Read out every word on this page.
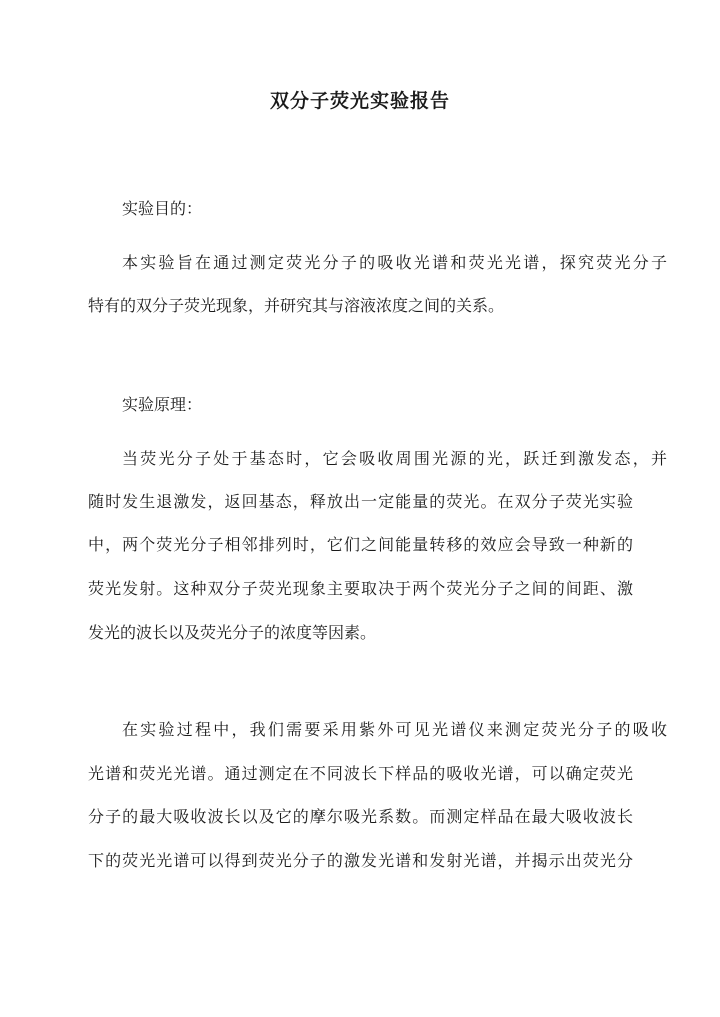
双分子荧光实验报告
实验目的：
本实验旨在通过测定荧光分子的吸收光谱和荧光光谱，探究荧光分子
特有的双分子荧光现象，并研究其与溶液浓度之间的关系。
实验原理：
当荧光分子处于基态时，它会吸收周围光源的光，跃迁到激发态，并
随时发生退激发，返回基态，释放出一定能量的荧光。在双分子荧光实验
中，两个荧光分子相邻排列时，它们之间能量转移的效应会导致一种新的
荧光发射。这种双分子荧光现象主要取决于两个荧光分子之间的间距、激
发光的波长以及荧光分子的浓度等因素。
在实验过程中，我们需要采用紫外可见光谱仪来测定荧光分子的吸收
光谱和荧光光谱。通过测定在不同波长下样品的吸收光谱，可以确定荧光
分子的最大吸收波长以及它的摩尔吸光系数。而测定样品在最大吸收波长
下的荧光光谱可以得到荧光分子的激发光谱和发射光谱，并揭示出荧光分
